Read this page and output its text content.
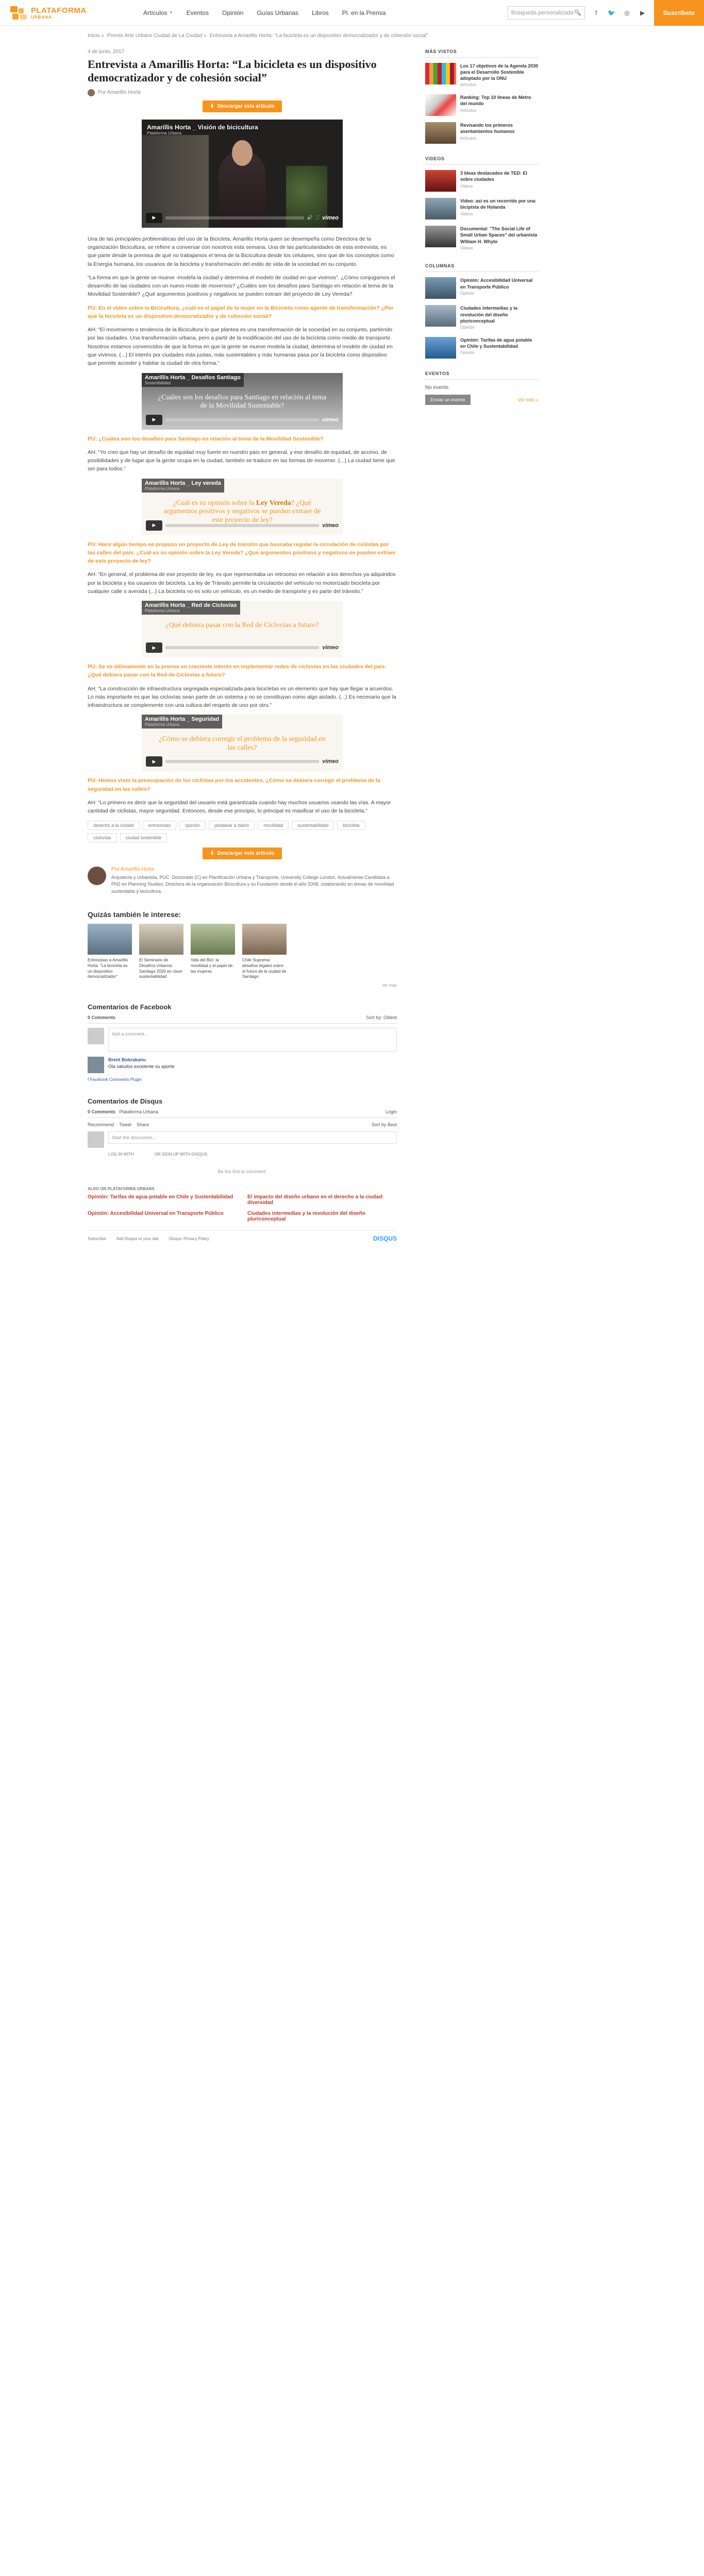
PLATAFORMA
URBANA
Artículos ▼ Eventos Opinión Guías Urbanas Libros Pl. en la Prensa	Búsqueda personalizada 🔍	f	🐦 ◎ ▶	Suscríbete
Inicio » Premio Arte Urbano Ciudad de La Ciudad » Entrevista a Amarillis Horta: "La bicicleta es un dispositivo democratizador y de cohesión social"
4 de junio, 2017
Entrevista a Amarillis Horta: “La bicicleta es un dispositivo democratizador y de cohesión social”
Por Amarillis Horta
⬇ Descargar este artículo
Amarillis Horta _ Visión de bicicultura
Plataforma Urbana
▶	🔊 ⛶ vimeo

Una de las principales problemáticas del uso de la Bicicleta, Amarillis Horta quien se desempeña como Directora de la organización Bicicultura, se refiere a conversar con nosotros esta semana. Una de las particularidades de esta entrevista, es que parte desde la premisa de qué no trabajamos el tema de la Bicicultura desde los celulares, sino que de los conceptos como la Energía humana, los usuarios de la bicicleta y transformación del estilo de vida de la sociedad en su conjunto.

“La forma en que la gente se mueve -modela la ciudad y determina el modelo de ciudad en que vivimos”. ¿Cómo conjugamos el desarrollo de las ciudades con un nuevo modo de movernos? ¿Cuáles son los desafíos para Santiago en relación al tema de la Movilidad Sostenible? ¿Qué argumentos positivos y negativos se pueden extraer del proyecto de Ley Vereda?

PU: En el vídeo sobre la Bicicultura, ¿cuál es el papel de la mujer en la Bicicleta como agente de transformación? ¿Por qué la bicicleta es un dispositivo democratizador y de cohesión social?

AH: “El movimiento o tendencia de la Bicicultura lo que plantea es una transformación de la sociedad en su conjunto, partiendo por las ciudades. Una transformación urbana, pero a partir de la modificación del uso de la bicicleta como medio de transporte. Nosotros estamos convencidos de que la forma en que la gente se mueve modela la ciudad, determina el modelo de ciudad en que vivimos. (...) El interés por ciudades más justas, más sustentables y más humanas pasa por la bicicleta como dispositivo que permite acceder y habitar la ciudad de otra forma.”

Amarillis Horta _ Desafíos Santiago
Sostenibilidad
¿Cuáles son los desafíos para Santiago en relación al tema de la Movilidad Sustentable?
▶	vimeo

PU: ¿Cuáles son los desafíos para Santiago en relación al tema de la Movilidad Sostenible?

AH: “Yo creo que hay un desafío de equidad muy fuerte en nuestro país en general, y ese desafío de equidad, de acceso, de posibilidades y de lugar que la gente ocupa en la ciudad, también se traduce en las formas de moverse. (...) La ciudad tiene que ser para todos.”

Amarillis Horta _ Ley vereda
Plataforma Urbana
¿Cuál es su opinión sobre la Ley Vereda? ¿Qué argumentos positivos y negativos se pueden extraer de este proyecto de ley?
▶	vimeo

PU: Hace algún tiempo se propuso un proyecto de Ley de tránsito que buscaba regular la circulación de ciclistas por las calles del país. ¿Cuál es su opinión sobre la Ley Vereda? ¿Qué argumentos positivos y negativos se pueden extraer de este proyecto de ley?

AH: “En general, el problema de ese proyecto de ley, es que representaba un retroceso en relación a los derechos ya adquiridos por la bicicleta y los usuarios de bicicleta. La ley de Tránsito permite la circulación del vehículo no motorizado bicicleta por cualquier calle o avenida (...) La bicicleta no es solo un vehículo, es un medio de transporte y es parte del tránsito.”

Amarillis Horta _ Red de Ciclovías
Plataforma Urbana
¿Qué debiera pasar con la Red de Ciclovías a futuro?
▶	vimeo

PU: Se ve últimamente en la prensa un creciente interés en implementar redes de ciclovías en las ciudades del país. ¿Qué debiera pasar con la Red de Ciclovías a futuro?

AH: “La construcción de infraestructura segregada especializada para bicicletas es un elemento que hay que llegar a acuerdos. Lo más importante es que las ciclovías sean parte de un sistema y no se constituyan como algo aislado. (...) Es necesario que la infraestructura se complemente con una cultura del respeto de uno por otro.”

Amarillis Horta _ Seguridad
Plataforma Urbana
¿Cómo se debiera corregir el problema de la seguridad en las calles?
▶	vimeo

PU: Hemos visto la preocupación de los ciclistas por los accidentes. ¿Cómo se debiera corregir el problema de la seguridad en las calles?

AH: “Lo primero es decir que la seguridad del usuario está garantizada cuando hay muchos usuarios usando las vías. A mayor cantidad de ciclistas, mayor seguridad. Entonces, desde ese principio, lo principal es masificar el uso de la bicicleta.”

derecho a la ciudad	entrevistas	opinión	pedalear a diario	movilidad	sustentabilidad	bicicleta
ciclovías	ciudad sostenible
⬇ Descargar este artículo
Por Amarillis Horta

Arquitecta y Urbanista, PUC. Doctorado (C) en Planificación Urbana y Transporte, University College London. Actualmente Candidata a PhD en Planning Studies; Directora de la organización Bicicultura y su Fundación desde el año 2008, colaborando en temas de movilidad sustentable y bicicultura.

Quizás también le interese:
Entrevistas a Amarillis Horta: "La bicicleta es un dispositivo democratizador"
El Seminario de Desafíos Urbanos Santiago 2020 en clave sustentabilidad
Vida del Bici: la movilidad y el papel de las mujeres
Chile Suprema: desafíos legales sobre el futuro de la ciudad de Santiago
ver más
Comentarios de Facebook
0 Comments	Sort by: Oldest
Add a comment...
Brent Bobrakanu
Ola saludos excelente su aporte
f Facebook Comments Plugin
Comentarios de Disqus
0 Comments Plataforma Urbana	Login
Recommend Tweet Share	Sort by Best
Start the discussion...
LOG IN WITH	OR SIGN UP WITH DISQUS
Be the first to comment.
ALSO ON PLATAFORMA URBANA
Opinión: Tarifas de agua potable en Chile y Sustentabilidad	El impacto del diseño urbano en el derecho a la ciudad: diversidad
Opinión: Accesibilidad Universal en Transporte Público	Ciudades intermedias y la revolución del diseño pluriconceptual
Subscribe	Add Disqus to your site	Disqus' Privacy Policy	DISQUS
MÁS VISTOS
Los 17 objetivos de la Agenda 2030 para el Desarrollo Sostenible adoptado por la ONU
Artículos
Ranking: Top 10 líneas de Metro del mundo
Artículos
Revisando los primeros asentamientos humanos
Artículos
VIDEOS
3 Ideas destacados de TED: El sobre ciudades
Videos
Video: así es un recorrido por una bicipista de Holanda
Videos
Documental: "The Social Life of Small Urban Spaces" del urbanista William H. Whyte
Videos
COLUMNAS
Opinión: Accesibilidad Universal en Transporte Público
Opinión
Ciudades intermedias y la revolución del diseño pluriconceptual
Opinión
Opinión: Tarifas de agua potable en Chile y Sustentabilidad
Opinión
EVENTOS
No events.
Enviar un evento	Ver más »
